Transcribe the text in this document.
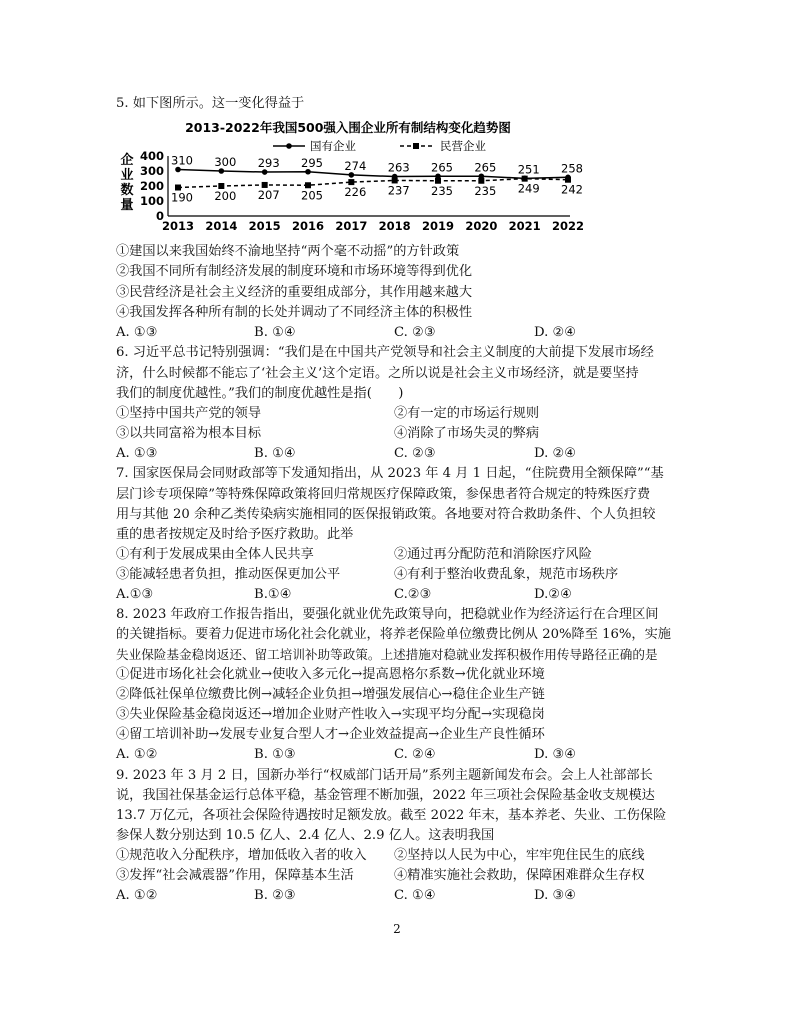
5. 如下图所示。这一变化得益于
2013-2022年我国500强入围企业所有制结构变化趋势图
国有企业	民营企业
企
业
数
量
310 300 293 295 274 263 265 265 251 258
190 200 207 205 226 237 235 235 249 242
2013 2014 2015 2016 2017 2018 2019 2020 2021 2022
400
300
200
100
0
①建国以来我国始终不渝地坚持“两个毫不动摇”的方针政策
②我国不同所有制经济发展的制度环境和市场环境等得到优化
③民营经济是社会主义经济的重要组成部分，其作用越来越大
④我国发挥各种所有制的长处并调动了不同经济主体的积极性
A. ①③	B. ①④	C. ②③	D. ②④
6. 习近平总书记特别强调：“我们是在中国共产党领导和社会主义制度的大前提下发展市场经
济，什么时候都不能忘了‘社会主义’这个定语。之所以说是社会主义市场经济，就是要坚持
我们的制度优越性。”我们的制度优越性是指(　　)
①坚持中国共产党的领导	②有一定的市场运行规则
③以共同富裕为根本目标	④消除了市场失灵的弊病
A. ①③	B. ①④	C. ②③	D. ②④
7. 国家医保局会同财政部等下发通知指出，从 2023 年 4 月 1 日起，“住院费用全额保障”“基
层门诊专项保障”等特殊保障政策将回归常规医疗保障政策，参保患者符合规定的特殊医疗费
用与其他 20 余种乙类传染病实施相同的医保报销政策。各地要对符合救助条件、个人负担较
重的患者按规定及时给予医疗救助。此举
①有利于发展成果由全体人民共享	②通过再分配防范和消除医疗风险
③能减轻患者负担，推动医保更加公平	④有利于整治收费乱象，规范市场秩序
A.①③	B.①④	C.②③	D.②④
8. 2023 年政府工作报告指出，要强化就业优先政策导向，把稳就业作为经济运行在合理区间
的关键指标。要着力促进市场化社会化就业，将养老保险单位缴费比例从 20%降至 16%，实施
失业保险基金稳岗返还、留工培训补助等政策。上述措施对稳就业发挥积极作用传导路径正确的是
①促进市场化社会化就业→使收入多元化→提高恩格尔系数→优化就业环境
②降低社保单位缴费比例→减轻企业负担→增强发展信心→稳住企业生产链
③失业保险基金稳岗返还→增加企业财产性收入→实现平均分配→实现稳岗
④留工培训补助→发展专业复合型人才→企业效益提高→企业生产良性循环
A. ①②	B. ①③	C. ②④	D. ③④
9. 2023 年 3 月 2 日，国新办举行“权威部门话开局”系列主题新闻发布会。会上人社部部长
说，我国社保基金运行总体平稳，基金管理不断加强，2022 年三项社会保险基金收支规模达
13.7 万亿元，各项社会保险待遇按时足额发放。截至 2022 年末，基本养老、失业、工伤保险
参保人数分别达到 10.5 亿人、2.4 亿人、2.9 亿人。这表明我国
①规范收入分配秩序，增加低收入者的收入 ②坚持以人民为中心，牢牢兜住民生的底线
③发挥“社会减震器”作用，保障基本生活	④精准实施社会救助，保障困难群众生存权
A. ①②	B. ②③	C. ①④	D. ③④
2
